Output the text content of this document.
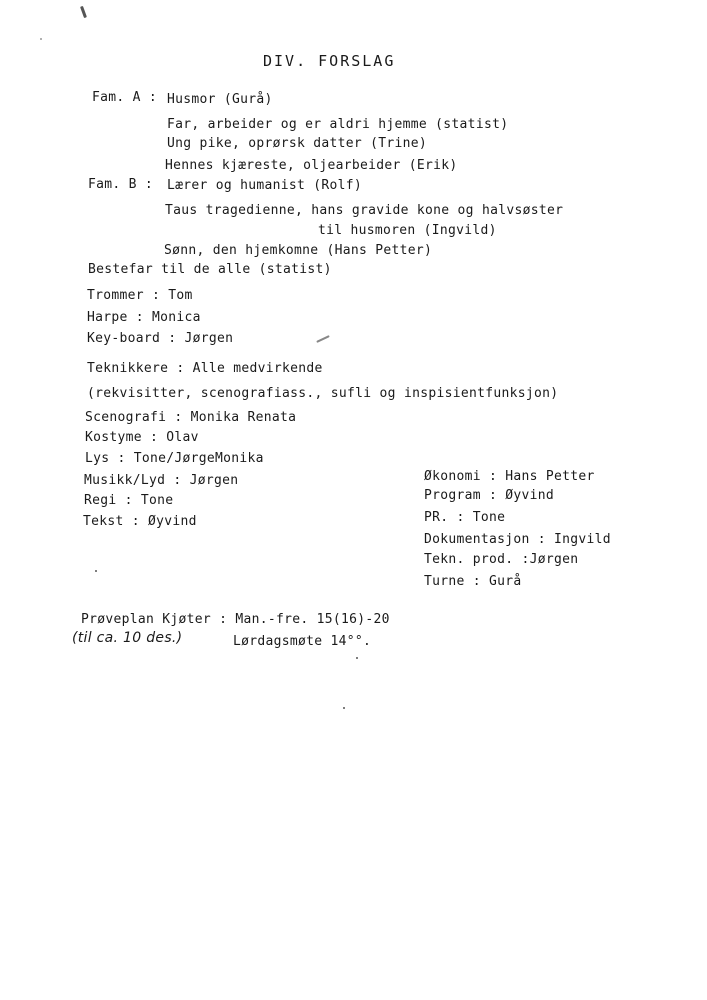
DIV. FORSLAG
Fam. A : Husmor (Gurå)
Far, arbeider og er aldri hjemme (statist)
Ung pike, oprørsk datter (Trine)
Hennes kjæreste, oljearbeider (Erik)
Fam. B : Lærer og humanist (Rolf)
Taus tragedienne, hans gravide kone og halvsøster
til husmoren (Ingvild)
Sønn, den hjemkomne (Hans Petter)
Bestefar til de alle (statist)
Trommer : Tom
Harpe : Monica
Key-board : Jørgen
Teknikkere : Alle medvirkende
(rekvisitter, scenografiass., sufli og inspisientfunksjon)
Scenografi : Monika Renata
Kostyme : Olav
Lys : Tone/JørgeMonika
Musikk/Lyd : Jørgen
Regi : Tone
Tekst : Øyvind
Økonomi : Hans Petter
Program : Øyvind
PR. : Tone
Dokumentasjon : Ingvild
Tekn. prod. :Jørgen
Turne : Gurå
Prøveplan Kjøter : Man.-fre. 15(16)-20
(til ca. 10 des.)	Lørdagsmøte 14°°.
